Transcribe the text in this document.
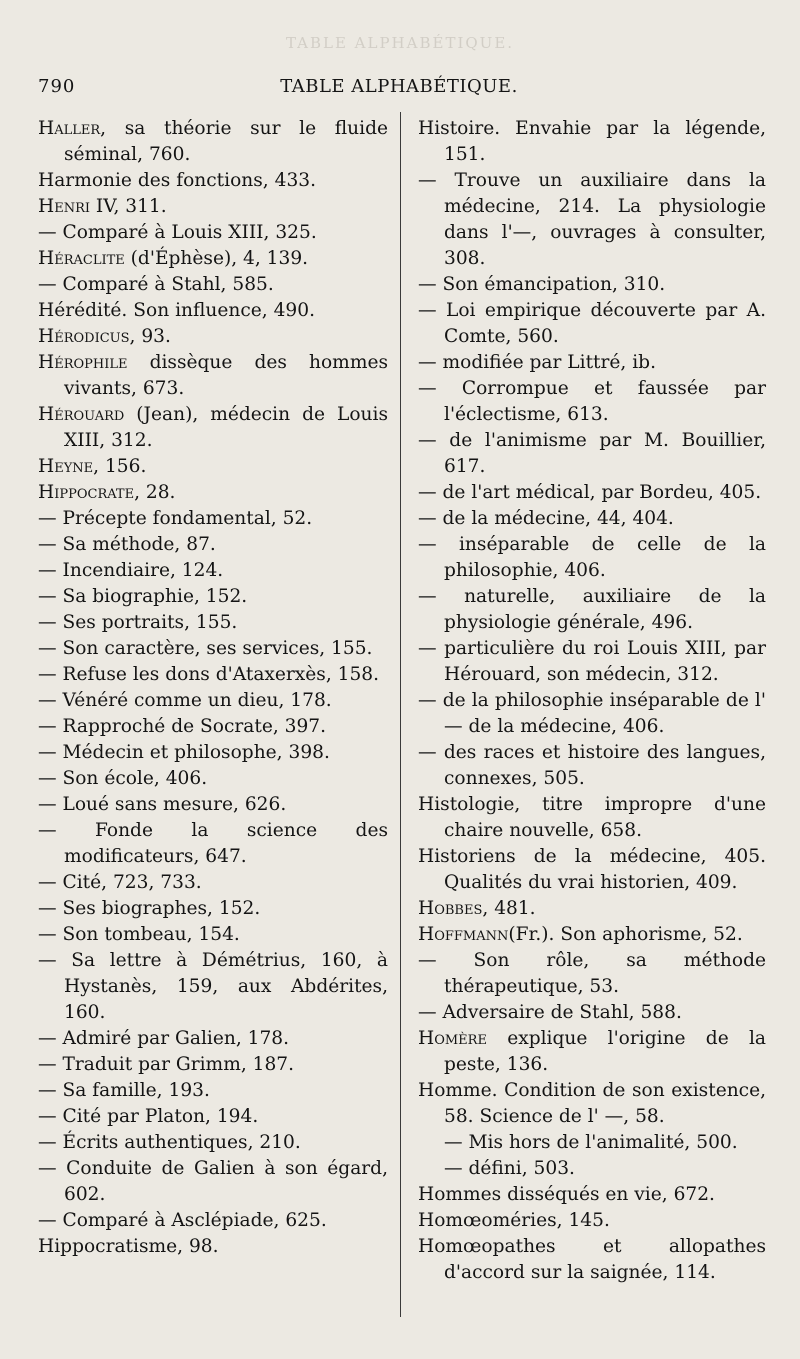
TABLE ALPHABÉTIQUE.
790	TABLE ALPHABÉTIQUE.
Haller, sa théorie sur le fluide séminal, 760.
Harmonie des fonctions, 433.
Henri IV, 311.
— Comparé à Louis XIII, 325.
Héraclite (d'Éphèse), 4, 139.
— Comparé à Stahl, 585.
Hérédité. Son influence, 490.
Hérodicus, 93.
Hérophile dissèque des hommes vivants, 673.
Hérouard (Jean), médecin de Louis XIII, 312.
Heyne, 156.
Hippocrate, 28.
— Précepte fondamental, 52.
— Sa méthode, 87.
— Incendiaire, 124.
— Sa biographie, 152.
— Ses portraits, 155.
— Son caractère, ses services, 155.
— Refuse les dons d'Ataxerxès, 158.
— Vénéré comme un dieu, 178.
— Rapproché de Socrate, 397.
— Médecin et philosophe, 398.
— Son école, 406.
— Loué sans mesure, 626.
— Fonde la science des modificateurs, 647.
— Cité, 723, 733.
— Ses biographes, 152.
— Son tombeau, 154.
— Sa lettre à Démétrius, 160, à Hystanès, 159, aux Abdérites, 160.
— Admiré par Galien, 178.
— Traduit par Grimm, 187.
— Sa famille, 193.
— Cité par Platon, 194.
— Écrits authentiques, 210.
— Conduite de Galien à son égard, 602.
— Comparé à Asclépiade, 625.
Hippocratisme, 98.
Histoire. Envahie par la légende, 151.
— Trouve un auxiliaire dans la médecine, 214. La physiologie dans l'—, ouvrages à consulter, 308.
— Son émancipation, 310.
— Loi empirique découverte par A. Comte, 560.
— modifiée par Littré, ib.
— Corrompue et faussée par l'éclectisme, 613.
— de l'animisme par M. Bouillier, 617.
— de l'art médical, par Bordeu, 405.
— de la médecine, 44, 404.
— inséparable de celle de la philosophie, 406.
— naturelle, auxiliaire de la physiologie générale, 496.
— particulière du roi Louis XIII, par Hérouard, son médecin, 312.
— de la philosophie inséparable de l' — de la médecine, 406.
— des races et histoire des langues, connexes, 505.
Histologie, titre impropre d'une chaire nouvelle, 658.
Historiens de la médecine, 405. Qualités du vrai historien, 409.
Hobbes, 481.
Hoffmann(Fr.). Son aphorisme, 52.
— Son rôle, sa méthode thérapeutique, 53.
— Adversaire de Stahl, 588.
Homère explique l'origine de la peste, 136.
Homme. Condition de son existence, 58. Science de l' —, 58.
— Mis hors de l'animalité, 500.
— défini, 503.
Hommes disséqués en vie, 672.
Homœoméries, 145.
Homœopathes et allopathes d'accord sur la saignée, 114.
